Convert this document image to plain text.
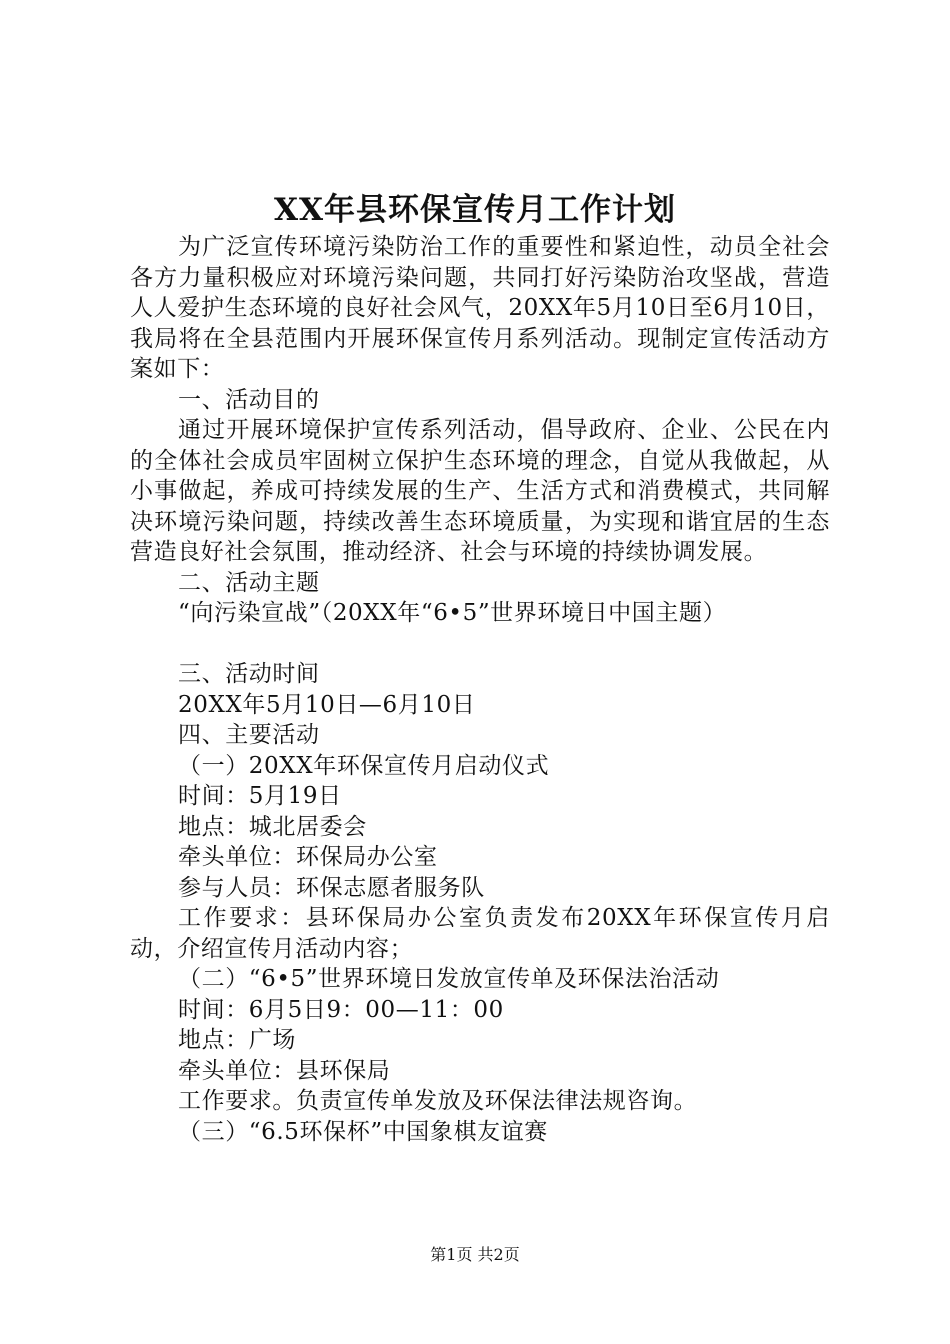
XX年县环保宣传月工作计划

为广泛宣传环境污染防治工作的重要性和紧迫性，动员全社会各方力量积极应对环境污染问题，共同打好污染防治攻坚战，营造人人爱护生态环境的良好社会风气，20XX年5月10日至6月10日，我局将在全县范围内开展环保宣传月系列活动。现制定宣传活动方案如下：

一、活动目的

通过开展环境保护宣传系列活动，倡导政府、企业、公民在内的全体社会成员牢固树立保护生态环境的理念，自觉从我做起，从小事做起，养成可持续发展的生产、生活方式和消费模式，共同解决环境污染问题，持续改善生态环境质量，为实现和谐宜居的生态营造良好社会氛围，推动经济、社会与环境的持续协调发展。

二、活动主题

“向污染宣战”（20XX年“6•5”世界环境日中国主题）

三、活动时间

20XX年5月10日—6月10日

四、主要活动

（一）20XX年环保宣传月启动仪式

时间：5月19日

地点：城北居委会

牵头单位：环保局办公室

参与人员：环保志愿者服务队

工作要求：县环保局办公室负责发布20XX年环保宣传月启动，介绍宣传月活动内容；

（二）“6•5”世界环境日发放宣传单及环保法治活动

时间：6月5日9：00—11：00

地点：广场

牵头单位：县环保局

工作要求。负责宣传单发放及环保法律法规咨询。

（三）“6.5环保杯”中国象棋友谊赛

第1页 共2页
